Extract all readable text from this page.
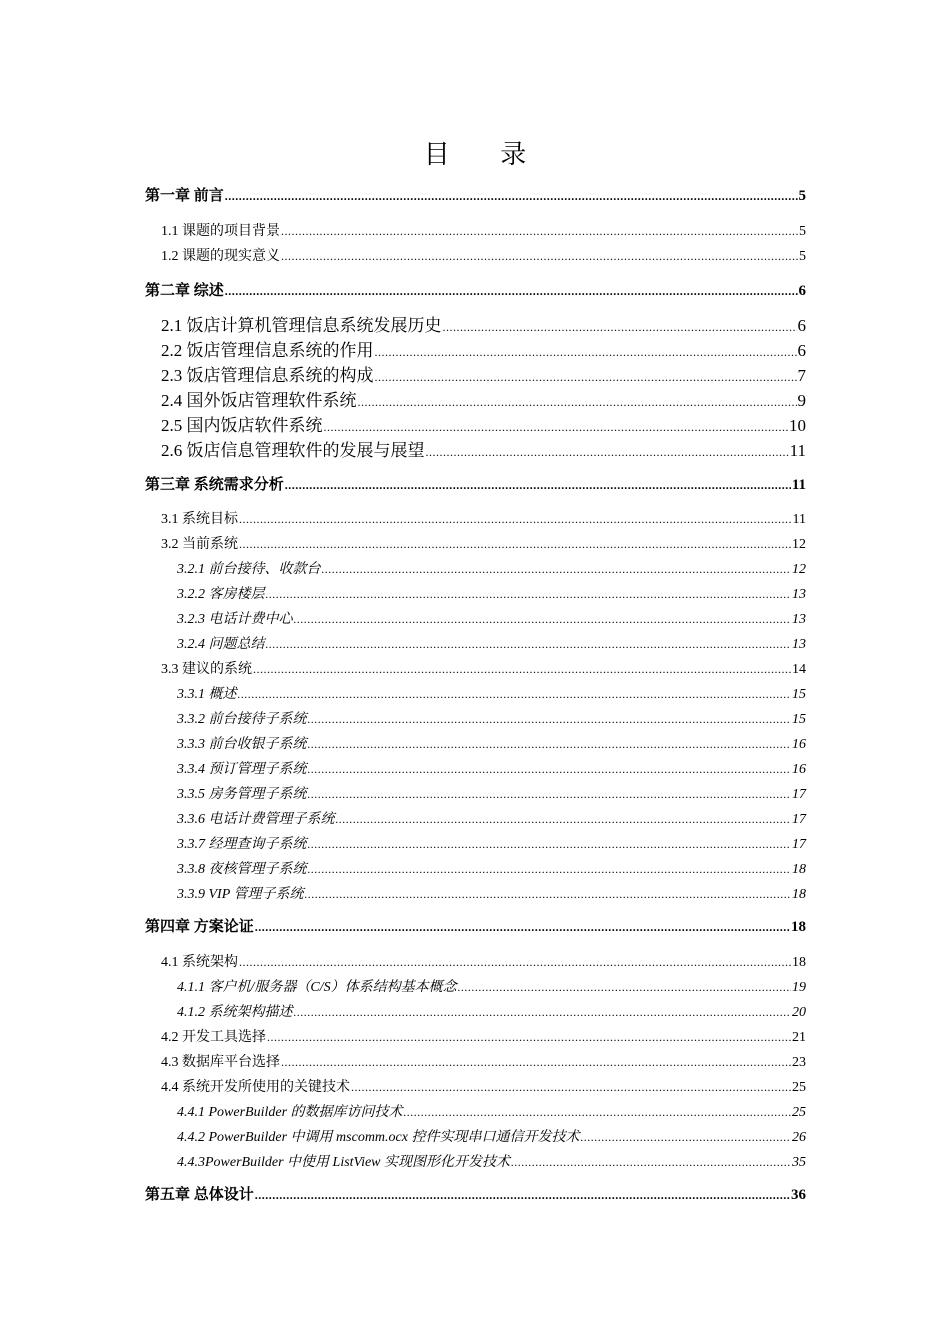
目 录
第一章 前言 .....	5
1.1 课题的项目背景 .....	5
1.2 课题的现实意义 .....	5
第二章 综述 .....	6
2.1 饭店计算机管理信息系统发展历史 .....	6
2.2 饭店管理信息系统的作用 .....	6
2.3 饭店管理信息系统的构成 .....	7
2.4 国外饭店管理软件系统 .....	9
2.5 国内饭店软件系统 .....	10
2.6 饭店信息管理软件的发展与展望 .....	11
第三章 系统需求分析 .....	11
3.1 系统目标 .....	11
3.2 当前系统 .....	12
3.2.1 前台接待、收款台 .....	12
3.2.2 客房楼层 .....	13
3.2.3 电话计费中心 .....	13
3.2.4 问题总结 .....	13
3.3 建议的系统 .....	14
3.3.1 概述 .....	15
3.3.2 前台接待子系统 .....	15
3.3.3 前台收银子系统 .....	16
3.3.4 预订管理子系统 .....	16
3.3.5 房务管理子系统 .....	17
3.3.6 电话计费管理子系统 .....	17
3.3.7 经理查询子系统 .....	17
3.3.8 夜核管理子系统 .....	18
3.3.9 VIP 管理子系统 .....	18
第四章 方案论证 .....	18
4.1 系统架构 .....	18
4.1.1 客户机/服务器（C/S）体系结构基本概念 .....	19
4.1.2 系统架构描述 .....	20
4.2 开发工具选择 .....	21
4.3 数据库平台选择 .....	23
4.4 系统开发所使用的关键技术 .....	25
4.4.1 PowerBuilder 的数据库访问技术 .....	25
4.4.2 PowerBuilder 中调用 mscomm.ocx 控件实现串口通信开发技术 .....	26
4.4.3PowerBuilder 中使用 ListView 实现图形化开发技术 .....	35
第五章 总体设计 .....	36
